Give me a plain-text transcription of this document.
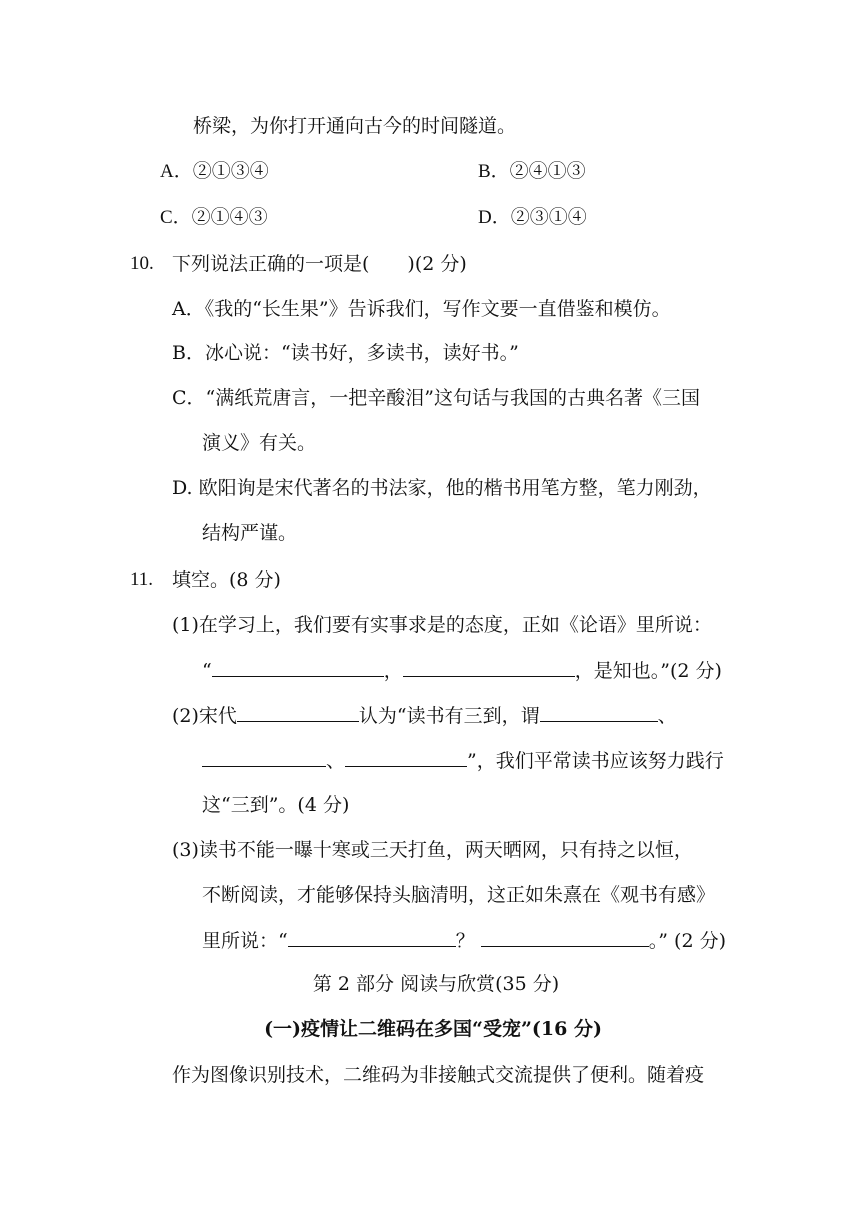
桥梁，为你打开通向古今的时间隧道。
A．②①③④	B．②④①③
C．②①④③	D．②③①④
10. 下列说法正确的一项是(　　)(2 分)
A．《我的“长生果”》告诉我们，写作文要一直借鉴和模仿。
B．冰心说：“读书好，多读书，读好书。”
C．“满纸荒唐言，一把辛酸泪”这句话与我国的古典名著《三国
演义》有关。
D. 欧阳询是宋代著名的书法家，他的楷书用笔方整，笔力刚劲，
结构严谨。
11. 填空。(8 分)
(1)在学习上，我们要有实事求是的态度，正如《论语》里所说：
“	，	，是知也。”(2 分)
(2)宋代	认为“读书有三到，谓	、
、	”，我们平常读书应该努力践行
这“三到”。(4 分)
(3)读书不能一曝十寒或三天打鱼，两天晒网，只有持之以恒，
不断阅读，才能够保持头脑清明，这正如朱熹在《观书有感》
里所说：“	？	。” (2 分)
第 2 部分 阅读与欣赏(35 分)
(一)疫情让二维码在多国“受宠”(16 分)
作为图像识别技术，二维码为非接触式交流提供了便利。随着疫
